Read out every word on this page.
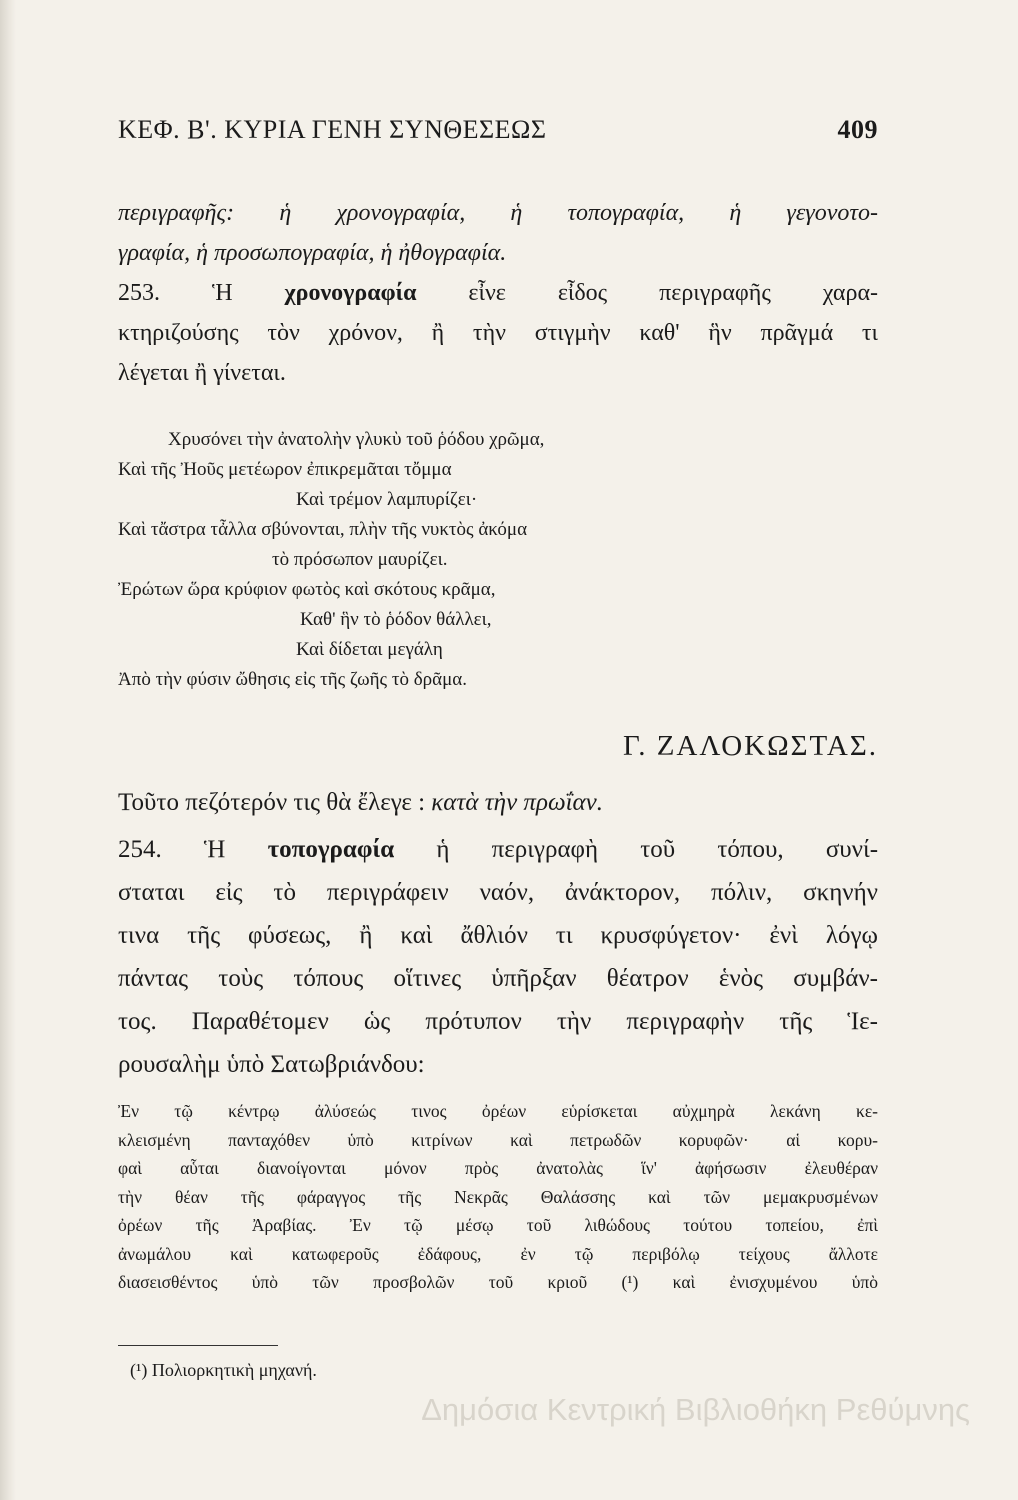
ΚΕΦ. Β'. ΚΥΡΙΑ ΓΕΝΗ ΣΥΝΘΕΣΕΩΣ	409
περιγραφῆς: ἡ χρονογραφία, ἡ τοπογραφία, ἡ γεγονοτο-
γραφία, ἡ προσωπογραφία, ἡ ἠθογραφία.
253. Ἡ χρονογραφία εἶνε εἶδος περιγραφῆς χαρα-
κτηριζούσης τὸν χρόνον, ἢ τὴν στιγμὴν καθ' ἣν πρᾶγμά τι
λέγεται ἢ γίνεται.
Χρυσόνει τὴν ἀνατολὴν γλυκὺ τοῦ ῥόδου χρῶμα,
Καὶ τῆς Ἠοῦς μετέωρον ἐπικρεμᾶται τὄμμα
Καὶ τρέμον λαμπυρίζει·
Καὶ τἄστρα τἆλλα σβύνονται, πλὴν τῆς νυκτὸς ἀκόμα
τὸ πρόσωπον μαυρίζει.
Ἐρώτων ὥρα κρύφιον φωτὸς καὶ σκότους κρᾶμα,
Καθ' ἣν τὸ ῥόδον θάλλει,
Καὶ δίδεται μεγάλη
Ἀπὸ τὴν φύσιν ὤθησις εἰς τῆς ζωῆς τὸ δρᾶμα.
Γ. ΖΑΛΟΚΩΣΤΑΣ.
Τοῦτο πεζότερόν τις θὰ ἔλεγε : κατὰ τὴν πρωΐαν.
254. Ἡ τοπογραφία ἡ περιγραφὴ τοῦ τόπου, συνί-
σταται εἰς τὸ περιγράφειν ναόν, ἀνάκτορον, πόλιν, σκηνήν
τινα τῆς φύσεως, ἢ καὶ ἄθλιόν τι κρυσφύγετον· ἐνὶ λόγῳ
πάντας τοὺς τόπους οἵτινες ὑπῆρξαν θέατρον ἑνὸς συμβάν-
τος. Παραθέτομεν ὡς πρότυπον τὴν περιγραφὴν τῆς Ἱε-
ρουσαλὴμ ὑπὸ Σατωβριάνδου:
Ἐν τῷ κέντρῳ ἀλύσεώς τινος ὀρέων εὑρίσκεται αὐχμηρὰ λεκάνη κε-
κλεισμένη πανταχόθεν ὑπὸ κιτρίνων καὶ πετρωδῶν κορυφῶν· αἱ κορυ-
φαὶ αὗται διανοίγονται μόνον πρὸς ἀνατολὰς ἵν' ἀφήσωσιν ἐλευθέραν
τὴν θέαν τῆς φάραγγος τῆς Νεκρᾶς Θαλάσσης καὶ τῶν μεμακρυσμένων
ὀρέων τῆς Ἀραβίας. Ἐν τῷ μέσῳ τοῦ λιθώδους τούτου τοπείου, ἐπὶ
ἀνωμάλου καὶ κατωφεροῦς ἐδάφους, ἐν τῷ περιβόλῳ τείχους ἄλλοτε
διασεισθέντος ὑπὸ τῶν προσβολῶν τοῦ κριοῦ (¹) καὶ ἐνισχυμένου ὑπὸ
(¹) Πολιορκητικὴ μηχανή.
Δημόσια Κεντρική Βιβλιοθήκη Ρεθύμνης
